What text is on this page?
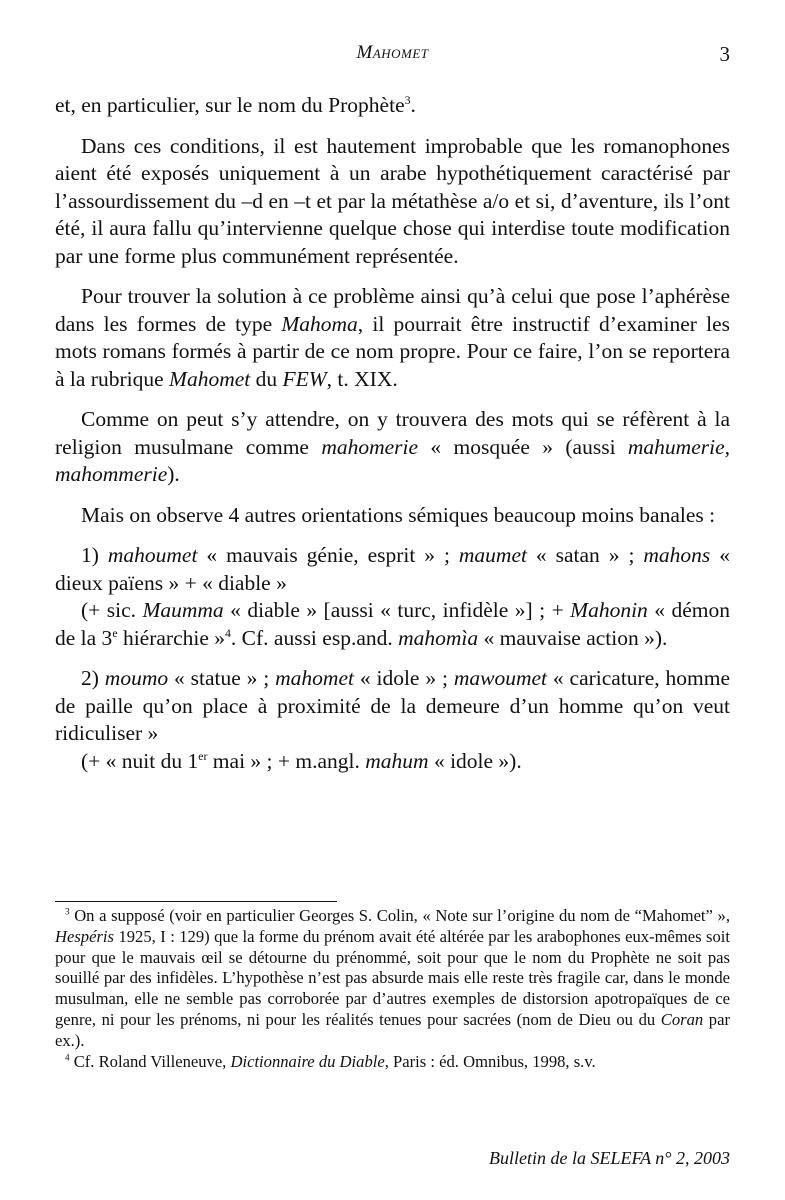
Mahomet	3

et, en particulier, sur le nom du Prophète$^3$.

Dans ces conditions, il est hautement improbable que les romanophones aient été exposés uniquement à un arabe hypothétiquement caractérisé par l’assourdissement du –d en –t et par la métathèse a/o et si, d’aventure, ils l’ont été, il aura fallu qu’intervienne quelque chose qui interdise toute modification par une forme plus communément représentée.

Pour trouver la solution à ce problème ainsi qu’à celui que pose l’aphérèse dans les formes de type Mahoma, il pourrait être instructif d’examiner les mots romans formés à partir de ce nom propre. Pour ce faire, l’on se reportera à la rubrique Mahomet du FEW, t. XIX.

Comme on peut s’y attendre, on y trouvera des mots qui se réfèrent à la religion musulmane comme mahomerie « mosquée » (aussi mahumerie, mahommerie).

Mais on observe 4 autres orientations sémiques beaucoup moins banales :

1) mahoumet « mauvais génie, esprit » ; maumet « satan » ; mahons « dieux païens » + « diable »

(+ sic. Maumma « diable » [aussi « turc, infidèle »] ; + Mahonin « démon de la 3e hiérarchie »$^4$. Cf. aussi esp.and. mahomìa « mauvaise action »).

2) moumo « statue » ; mahomet « idole » ; mawoumet « caricature, homme de paille qu’on place à proximité de la demeure d’un homme qu’on veut ridiculiser »

(+ « nuit du 1er mai » ; + m.angl. mahum « idole »).

$^3$ On a supposé (voir en particulier Georges S. Colin, « Note sur l’origine du nom de “Mahomet” », Hespéris 1925, I : 129) que la forme du prénom avait été altérée par les arabophones eux-mêmes soit pour que le mauvais œil se détourne du prénommé, soit pour que le nom du Prophète ne soit pas souillé par des infidèles. L’hypothèse n’est pas absurde mais elle reste très fragile car, dans le monde musulman, elle ne semble pas corroborée par d’autres exemples de distorsion apotropaïques de ce genre, ni pour les prénoms, ni pour les réalités tenues pour sacrées (nom de Dieu ou du Coran par ex.).

$^4$ Cf. Roland Villeneuve, Dictionnaire du Diable, Paris : éd. Omnibus, 1998, s.v.

Bulletin de la SELEFA n° 2, 2003
